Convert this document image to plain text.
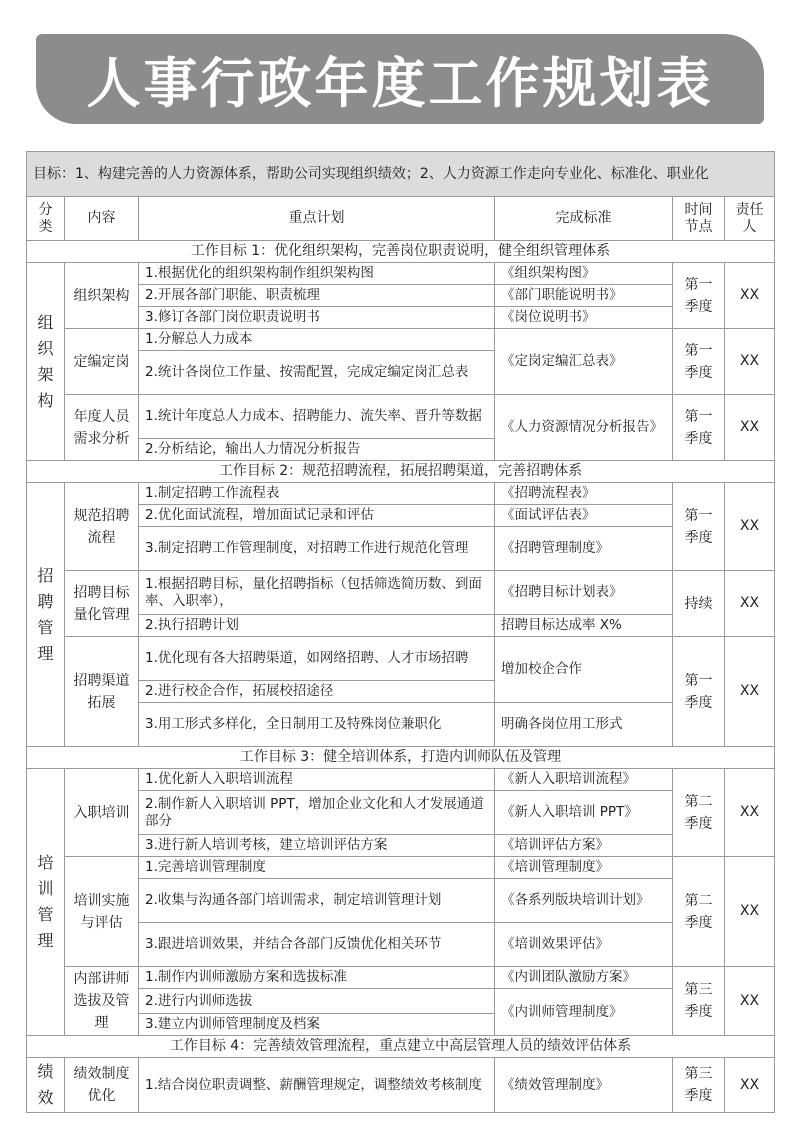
人事行政年度工作规划表
目标：1、构建完善的人力资源体系，帮助公司实现组织绩效；2、人力资源工作走向专业化、标准化、职业化					
分类	内容	重点计划	完成标准	时间节点	责任人
工作目标 1：优化组织架构，完善岗位职责说明，健全组织管理体系					
组织架构	组织架构	1.根据优化的组织架构制作组织架构图	《组织架构图》	第一季度	XX
		2.开展各部门职能、职责梳理	《部门职能说明书》		
		3.修订各部门岗位职责说明书	《岗位说明书》		
	定编定岗	1.分解总人力成本	《定岗定编汇总表》	第一季度	XX
		2.统计各岗位工作量、按需配置，完成定编定岗汇总表			
	年度人员需求分析	1.统计年度总人力成本、招聘能力、流失率、晋升等数据	《人力资源情况分析报告》	第一季度	XX
		2.分析结论，输出人力情况分析报告			
工作目标 2：规范招聘流程，拓展招聘渠道，完善招聘体系					
招聘管理	规范招聘流程	1.制定招聘工作流程表	《招聘流程表》	第一季度	XX
		2.优化面试流程，增加面试记录和评估	《面试评估表》		
		3.制定招聘工作管理制度，对招聘工作进行规范化管理	《招聘管理制度》		
	招聘目标量化管理	1.根据招聘目标，量化招聘指标（包括筛选简历数、到面率、入职率），	《招聘目标计划表》	持续	XX
		2.执行招聘计划	招聘目标达成率 X%		
	招聘渠道拓展	1.优化现有各大招聘渠道，如网络招聘、人才市场招聘	增加校企合作	第一季度	XX
		2.进行校企合作，拓展校招途径			
		3.用工形式多样化，全日制用工及特殊岗位兼职化	明确各岗位用工形式		

工作目标 3：健全培训体系，打造内训师队伍及管理					
培训管理	入职培训	1.优化新人入职培训流程	《新人入职培训流程》	第二季度	XX
		2.制作新人入职培训 PPT，增加企业文化和人才发展通道部分	《新人入职培训 PPT》		
		3.进行新人培训考核，建立培训评估方案	《培训评估方案》		
	培训实施与评估	1.完善培训管理制度	《培训管理制度》	第二季度	XX
		2.收集与沟通各部门培训需求，制定培训管理计划	《各系列版块培训计划》		
		3.跟进培训效果，并结合各部门反馈优化相关环节	《培训效果评估》		
	内部讲师选拔及管理	1.制作内训师激励方案和选拔标准	《内训团队激励方案》	第三季度	XX
		2.进行内训师选拔	《内训师管理制度》		
		3.建立内训师管理制度及档案			
工作目标 4：完善绩效管理流程，重点建立中高层管理人员的绩效评估体系					
绩效	绩效制度优化	1.结合岗位职责调整、薪酬管理规定，调整绩效考核制度	《绩效管理制度》	第三季度	XX
